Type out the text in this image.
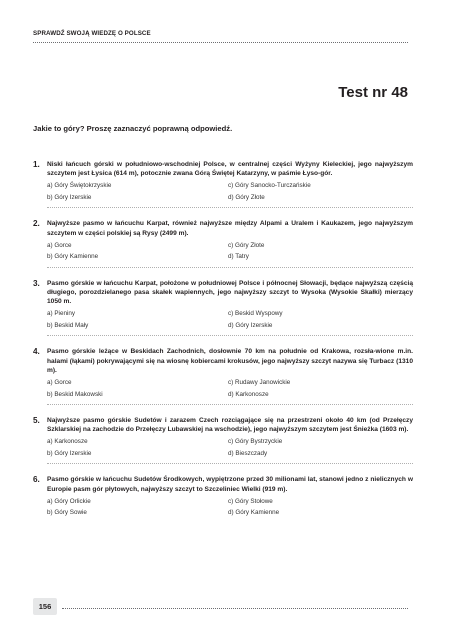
SPRAWDŹ SWOJĄ WIEDZĘ O POLSCE
Test nr 48
Jakie to góry? Proszę zaznaczyć poprawną odpowiedź.
1.	Niski łańcuch górski w południowo-wschodniej Polsce, w centralnej części Wyżyny Kieleckiej, jego najwyższym szczytem jest Łysica (614 m), potocznie zwana Górą Świętej Katarzyny, w paśmie Łyso-gór.
a) Góry Świętokrzyskie	c) Góry Sanocko-Turczańskie
b) Góry Izerskie	d) Góry Złote
2.	Najwyższe pasmo w łańcuchu Karpat, również najwyższe między Alpami a Uralem i Kaukazem, jego najwyższym szczytem w części polskiej są Rysy (2499 m).
a) Gorce	c) Góry Złote
b) Góry Kamienne	d) Tatry
3.	Pasmo górskie w łańcuchu Karpat, położone w południowej Polsce i północnej Słowacji, będące najwyższą częścią długiego, porozdzielanego pasa skałek wapiennych, jego najwyższy szczyt to Wysoka (Wysokie Skałki) mierzący 1050 m.
a) Pieniny	c) Beskid Wyspowy
b) Beskid Mały	d) Góry Izerskie
4.	Pasmo górskie leżące w Beskidach Zachodnich, dosłownie 70 km na południe od Krakowa, rozsła-wione m.in. halami (łąkami) pokrywającymi się na wiosnę kobiercami krokusów, jego najwyższy szczyt nazywa się Turbacz (1310 m).
a) Gorce	c) Rudawy Janowickie
b) Beskid Makowski	d) Karkonosze
5.	Najwyższe pasmo górskie Sudetów i zarazem Czech rozciągające się na przestrzeni około 40 km (od Przełęczy Szklarskiej na zachodzie do Przełęczy Lubawskiej na wschodzie), jego najwyższym szczytem jest Śnieżka (1603 m).
a) Karkonosze	c) Góry Bystrzyckie
b) Góry Izerskie	d) Bieszczady
6.	Pasmo górskie w łańcuchu Sudetów Środkowych, wypiętrzone przed 30 milionami lat, stanowi jedno z nielicznych w Europie pasm gór płytowych, najwyższy szczyt to Szczeliniec Wielki (919 m).
a) Góry Orlickie	c) Góry Stołowe
b) Góry Sowie	d) Góry Kamienne
156
